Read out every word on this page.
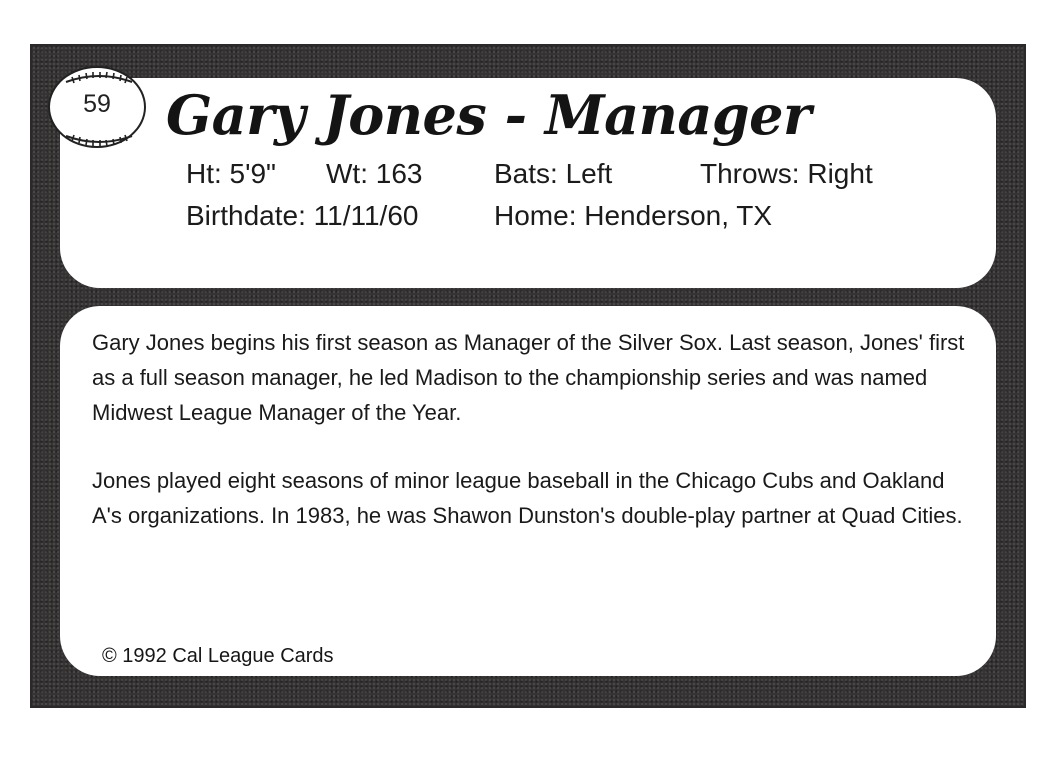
59	Gary Jones - Manager
Ht: 5'9" Wt: 163	Bats: Left	Throws: Right
Birthdate: 11/11/60	Home: Henderson, TX

Gary Jones begins his first season as Manager of the Silver Sox. Last season, Jones' first as a full season manager, he led Madison to the championship series and was named Midwest League Manager of the Year.

Jones played eight seasons of minor league baseball in the Chicago Cubs and Oakland A's organizations. In 1983, he was Shawon Dunston's double-play partner at Quad Cities.

© 1992 Cal League Cards
